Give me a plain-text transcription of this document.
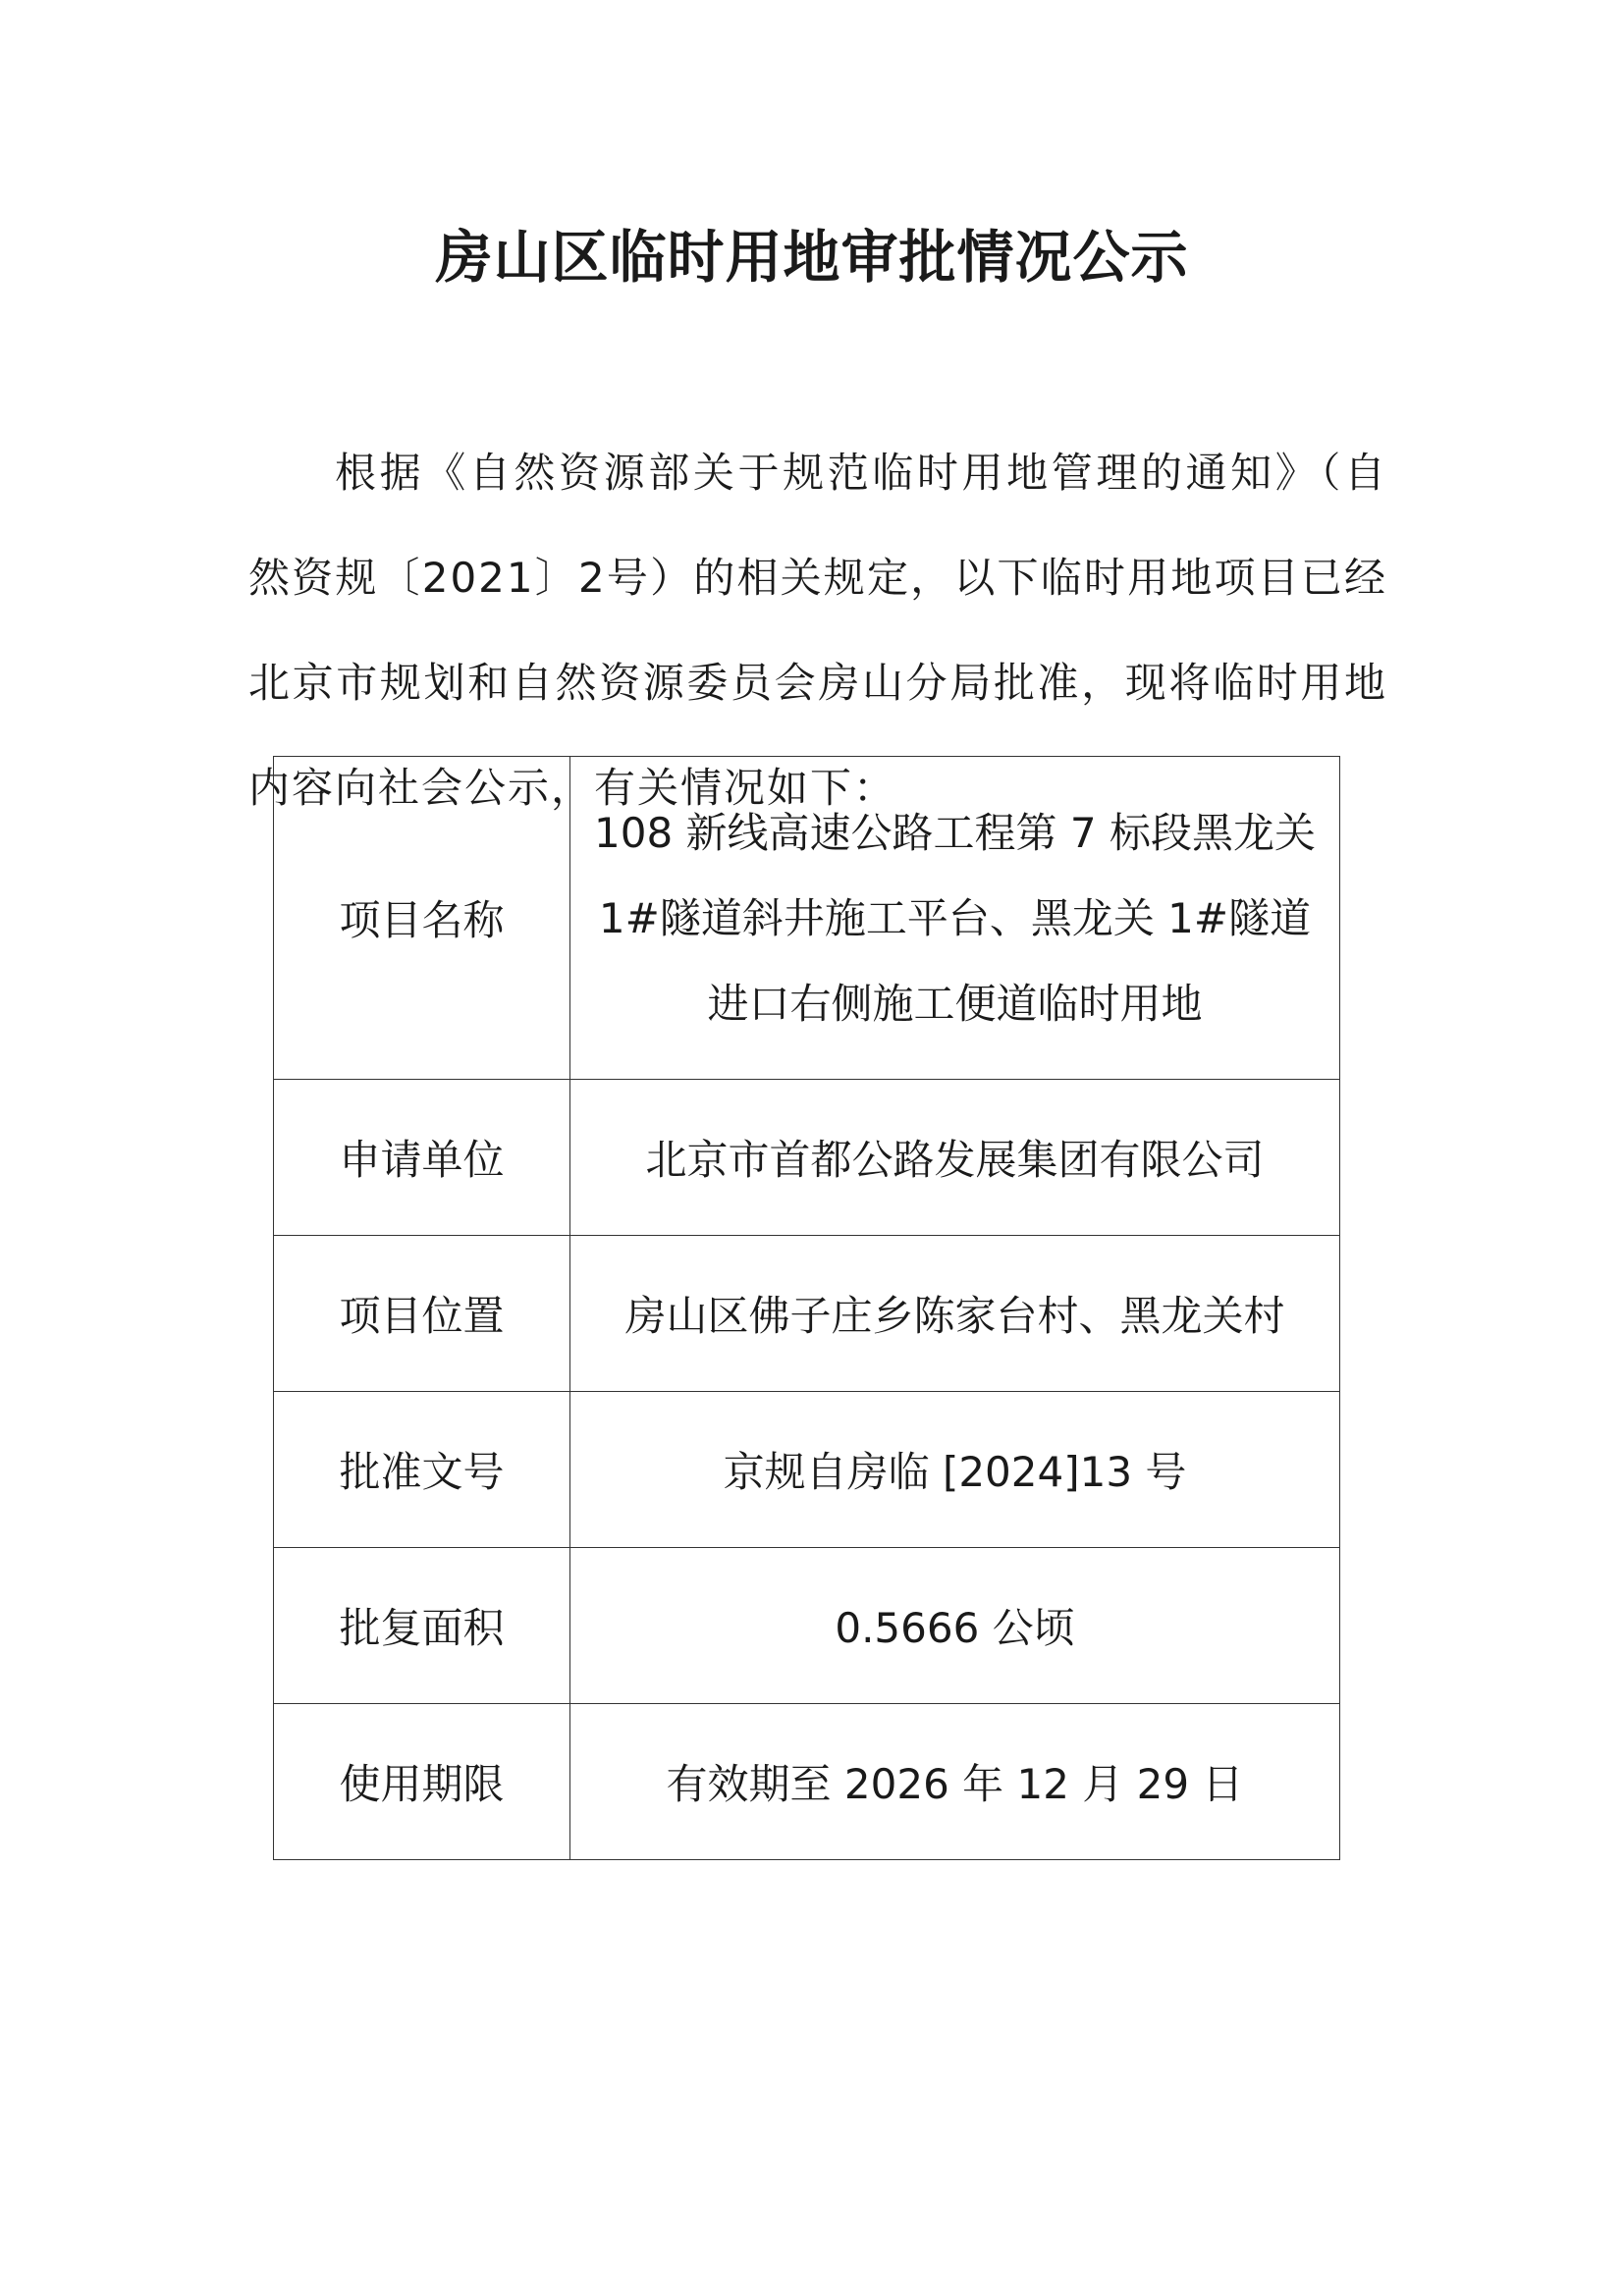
房山区临时用地审批情况公示

根据《自然资源部关于规范临时用地管理的通知》（自然资规〔2021〕2号）的相关规定，以下临时用地项目已经北京市规划和自然资源委员会房山分局批准，现将临时用地内容向社会公示，有关情况如下：

项目名称	108 新线高速公路工程第 7 标段黑龙关 1#隧道斜井施工平台、黑龙关 1#隧道进口右侧施工便道临时用地
申请单位	北京市首都公路发展集团有限公司
项目位置	房山区佛子庄乡陈家台村、黑龙关村
批准文号	京规自房临 [2024]13 号
批复面积	0.5666 公顷
使用期限	有效期至 2026 年 12 月 29 日
